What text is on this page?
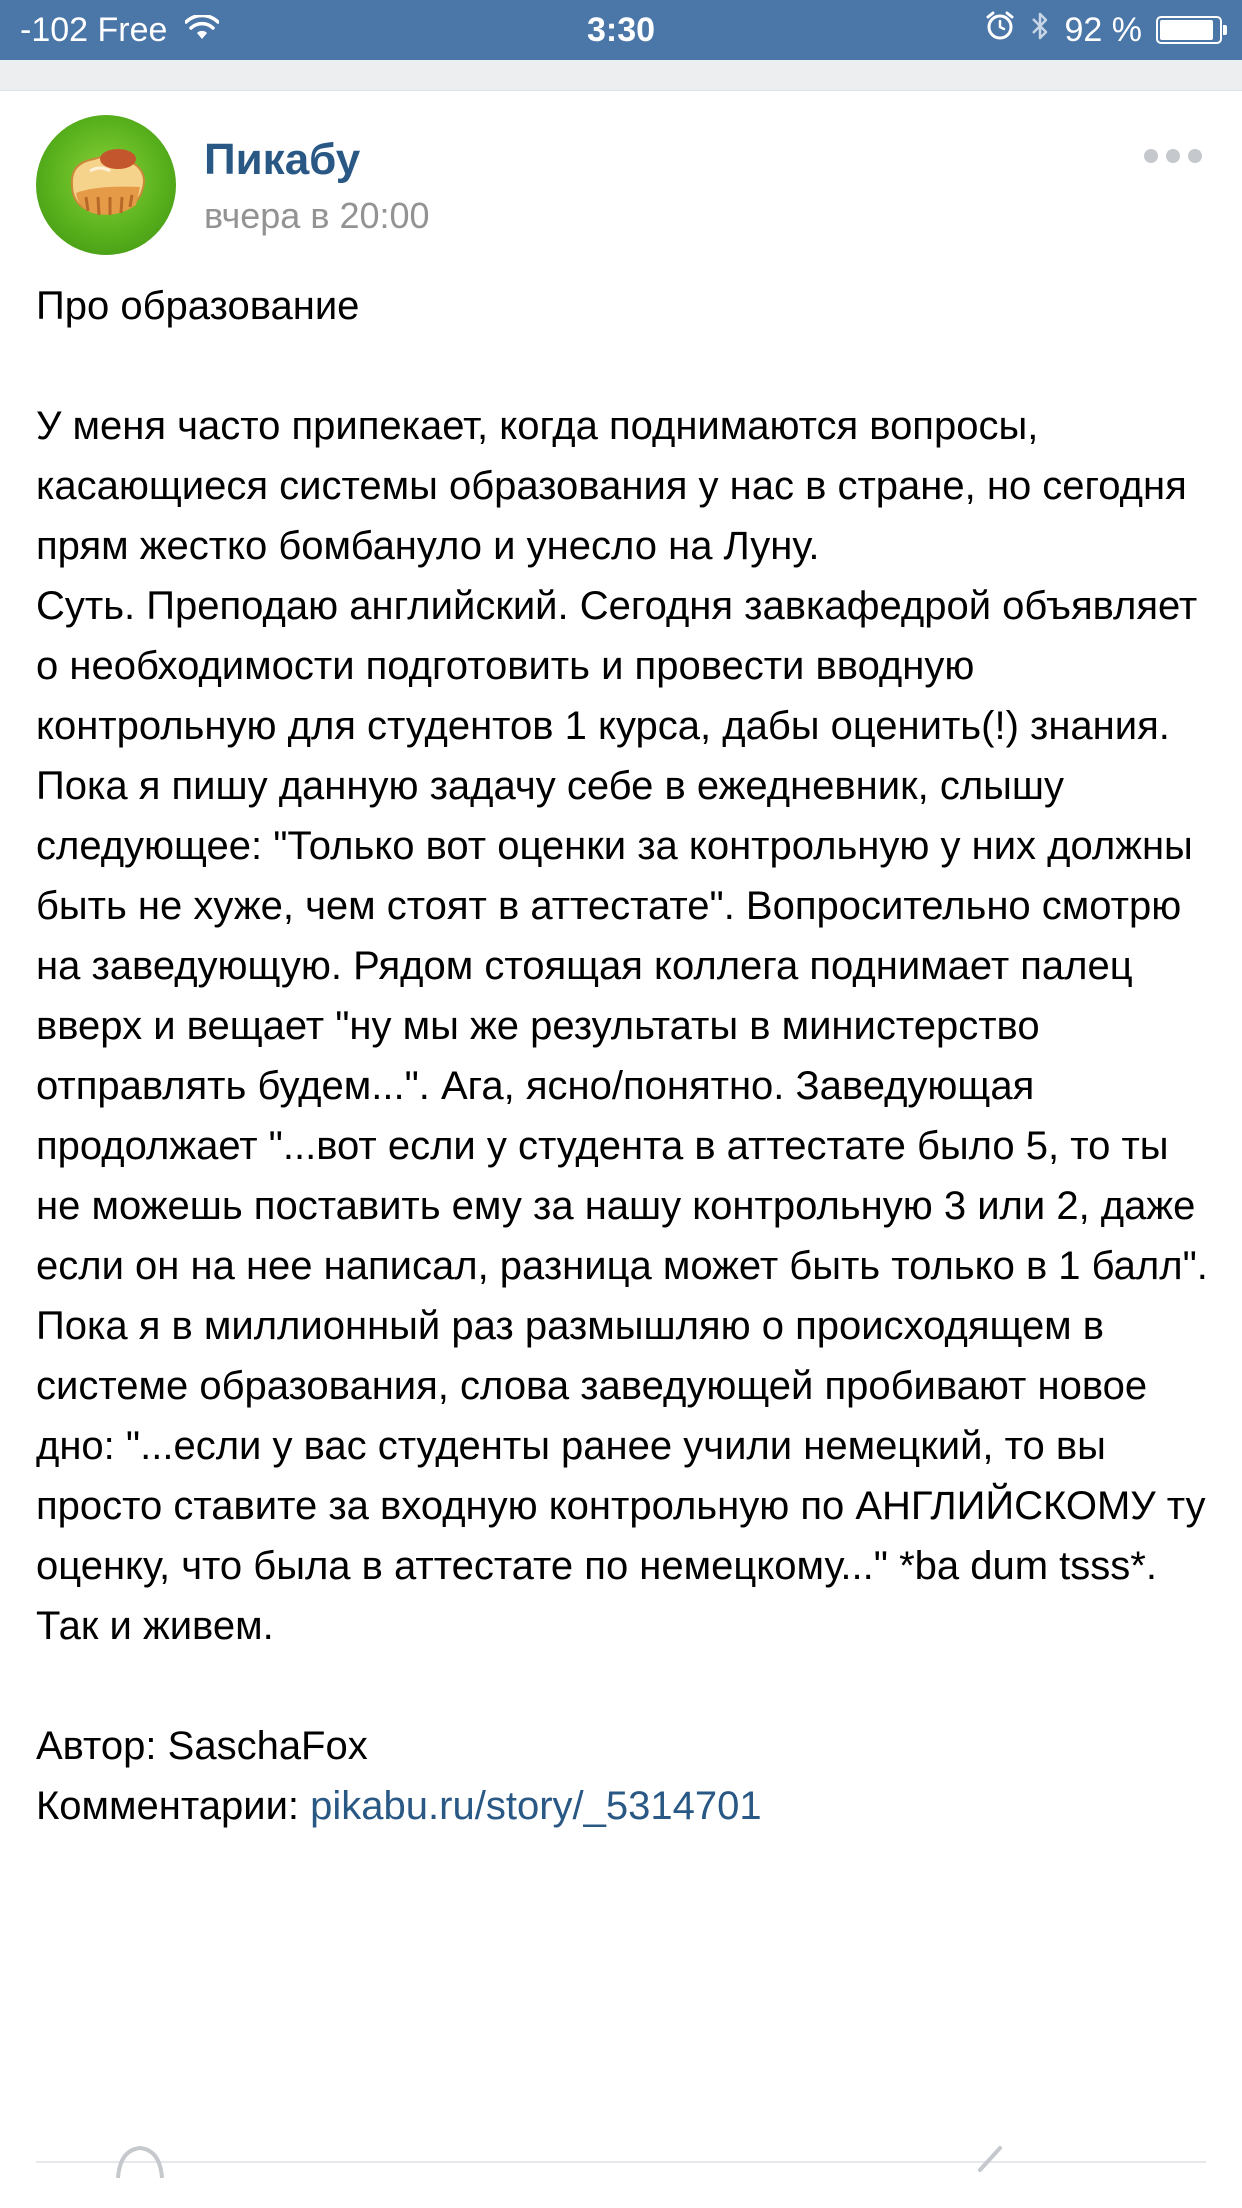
-102 Free	3:30	92 %
Пикабу
вчера в 20:00

Про образование

У меня часто припекает, когда поднимаются вопросы, касающиеся системы образования у нас в стране, но сегодня прям жестко бомбануло и унесло на Луну.

Суть. Преподаю английский. Сегодня завкафедрой объявляет о необходимости подготовить и провести вводную контрольную для студентов 1 курса, дабы оценить(!) знания. Пока я пишу данную задачу себе в ежедневник, слышу следующее: "Только вот оценки за контрольную у них должны быть не хуже, чем стоят в аттестате". Вопросительно смотрю на заведующую. Рядом стоящая коллега поднимает палец вверх и вещает "ну мы же результаты в министерство отправлять будем...". Ага, ясно/понятно. Заведующая продолжает "...вот если у студента в аттестате было 5, то ты не можешь поставить ему за нашу контрольную 3 или 2, даже если он на нее написал, разница может быть только в 1 балл". Пока я в миллионный раз размышляю о происходящем в системе образования, слова заведующей пробивают новое дно: "...если у вас студенты ранее учили немецкий, то вы просто ставите за входную контрольную по АНГЛИЙСКОМУ ту оценку, что была в аттестате по немецкому..." *ba dum tsss*. Так и живем.

Автор: SaschaFox

Комментарии: pikabu.ru/story/_5314701
